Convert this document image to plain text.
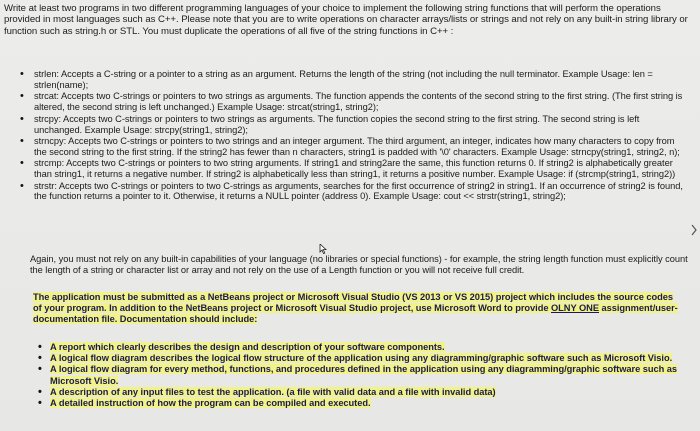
Write at least two programs in two different programming languages of your choice to implement the following string functions that will perform the operations provided in most languages such as C++. Please note that you are to write operations on character arrays/lists or strings and not rely on any built-in string library or function such as string.h or STL. You must duplicate the operations of all five of the string functions in C++ :

• strlen: Accepts a C-string or a pointer to a string as an argument. Returns the length of the string (not including the null terminator. Example Usage: len = strlen(name);
• strcat: Accepts two C-strings or pointers to two strings as arguments. The function appends the contents of the second string to the first string. (The first string is altered, the second string is left unchanged.) Example Usage: strcat(string1, string2);
• strcpy: Accepts two C-strings or pointers to two strings as arguments. The function copies the second string to the first string. The second string is left unchanged. Example Usage: strcpy(string1, string2);
• strncpy: Accepts two C-strings or pointers to two strings and an integer argument. The third argument, an integer, indicates how many characters to copy from the second string to the first string. If the string2 has fewer than n characters, string1 is padded with '\0' characters. Example Usage: strncpy(string1, string2, n);
• strcmp: Accepts two C-strings or pointers to two string arguments. If string1 and string2are the same, this function returns 0. If string2 is alphabetically greater than string1, it returns a negative number. If string2 is alphabetically less than string1, it returns a positive number. Example Usage: if (strcmp(string1, string2))
• strstr: Accepts two C-strings or pointers to two C-strings as arguments, searches for the first occurrence of string2 in string1. If an occurrence of string2 is found, the function returns a pointer to it. Otherwise, it returns a NULL pointer (address 0). Example Usage: cout << strstr(string1, string2);

Again, you must not rely on any built-in capabilities of your language (no libraries or special functions) - for example, the string length function must explicitly count the length of a string or character list or array and not rely on the use of a Length function or you will not receive full credit.

The application must be submitted as a NetBeans project or Microsoft Visual Studio (VS 2013 or VS 2015) project which includes the source codes of your program. In addition to the NetBeans project or Microsoft Visual Studio project, use Microsoft Word to provide OLNY ONE assignment/user-documentation file. Documentation should include:

• A report which clearly describes the design and description of your software components.
• A logical flow diagram describes the logical flow structure of the application using any diagramming/graphic software such as Microsoft Visio.
• A logical flow diagram for every method, functions, and procedures defined in the application using any diagramming/graphic software such as Microsoft Visio.
• A description of any input files to test the application. (a file with valid data and a file with invalid data)
• A detailed instruction of how the program can be compiled and executed.
